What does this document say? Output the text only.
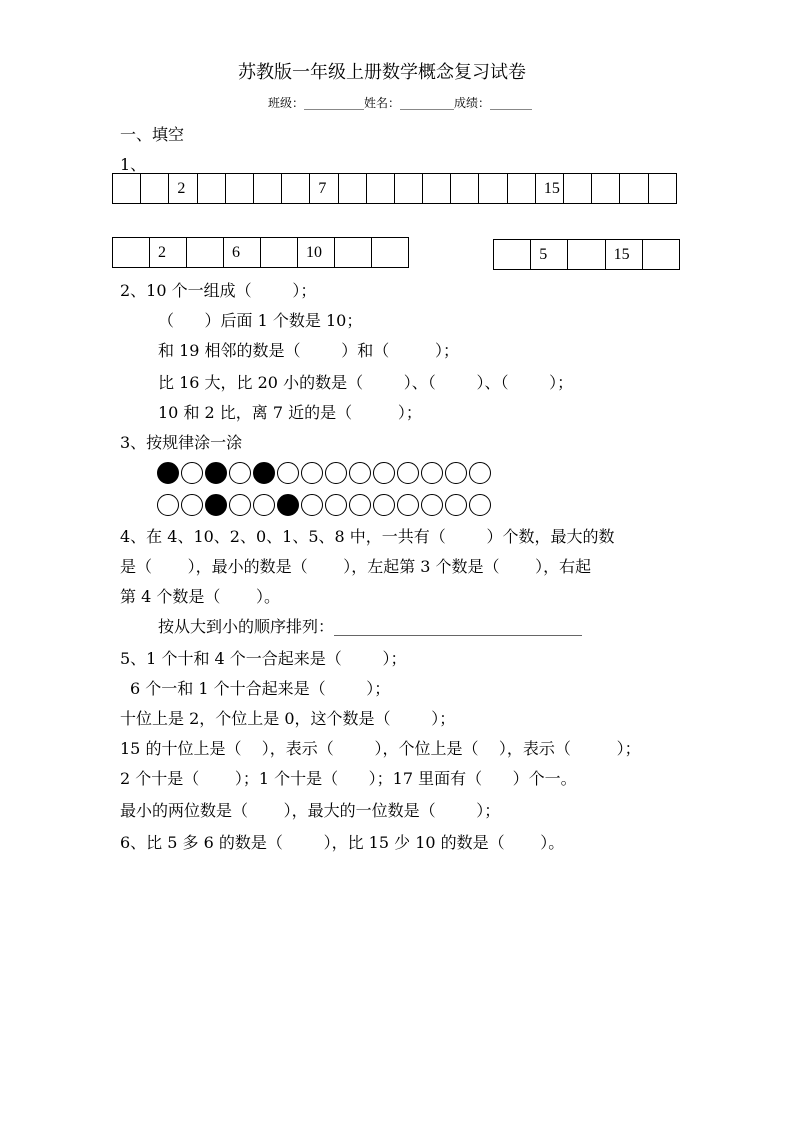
苏教版一年级上册数学概念复习试卷
班级：__________姓名：_________成绩：_______
一、填空
1、
		2					7								15				
	2		6		10		
		5		15	
2、10 个一组成（        ）；
（      ）后面 1 个数是 10；
和 19 相邻的数是（        ）和（         ）；
比 16 大，比 20 小的数是（        ）、（        ）、（        ）；
10 和 2 比，离 7 近的是（         ）；
3、按规律涂一涂
4、在 4、10、2、0、1、5、8 中，一共有（        ）个数，最大的数
是（       ），最小的数是（       ），左起第 3 个数是（       ），右起
第 4 个数是（       ）。
按从大到小的顺序排列：_______________________________
5、1 个十和 4 个一合起来是（        ）；
6 个一和 1 个十合起来是（        ）；
十位上是 2，个位上是 0，这个数是（        ）；
15 的十位上是（    ），表示（        ），个位上是（    ），表示（         ）；
2 个十是（       ）；1 个十是（      ）；17 里面有（      ）个一。
最小的两位数是（       ），最大的一位数是（        ）；
6、比 5 多 6 的数是（        ），比 15 少 10 的数是（       ）。
